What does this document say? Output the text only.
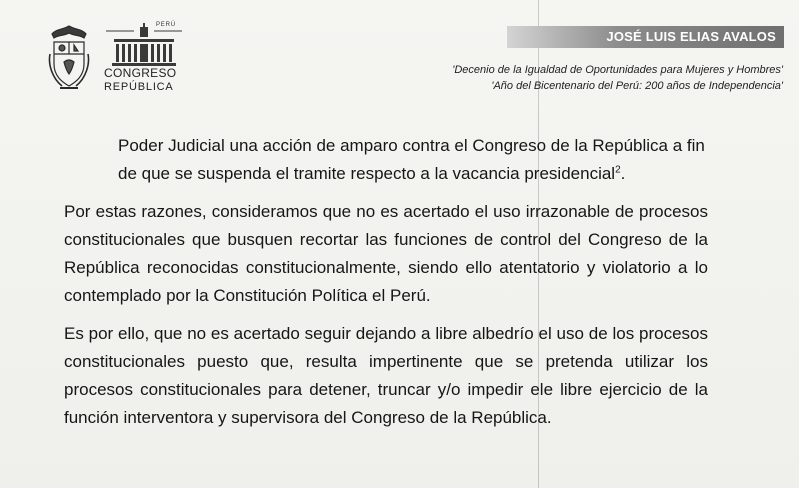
PERÚ
CONGRESO
REPÚBLICA
JOSÉ LUIS ELIAS AVALOS
'Decenio de la Igualdad de Oportunidades para Mujeres y Hombres'
'Año del Bicentenario del Perú: 200 años de Independencia'

Poder Judicial una acción de amparo contra el Congreso de la República a fin de que se suspenda el tramite respecto a la vacancia presidencial$^2$.

Por estas razones, consideramos que no es acertado el uso irrazonable de procesos constitucionales que busquen recortar las funciones de control del Congreso de la República reconocidas constitucionalmente, siendo ello atentatorio y violatorio a lo contemplado por la Constitución Política el Perú.

Es por ello, que no es acertado seguir dejando a libre albedrío el uso de los procesos constitucionales puesto que, resulta impertinente que se pretenda utilizar los procesos constitucionales para detener, truncar y/o impedir ele libre ejercicio de la función interventora y supervisora del Congreso de la República.
